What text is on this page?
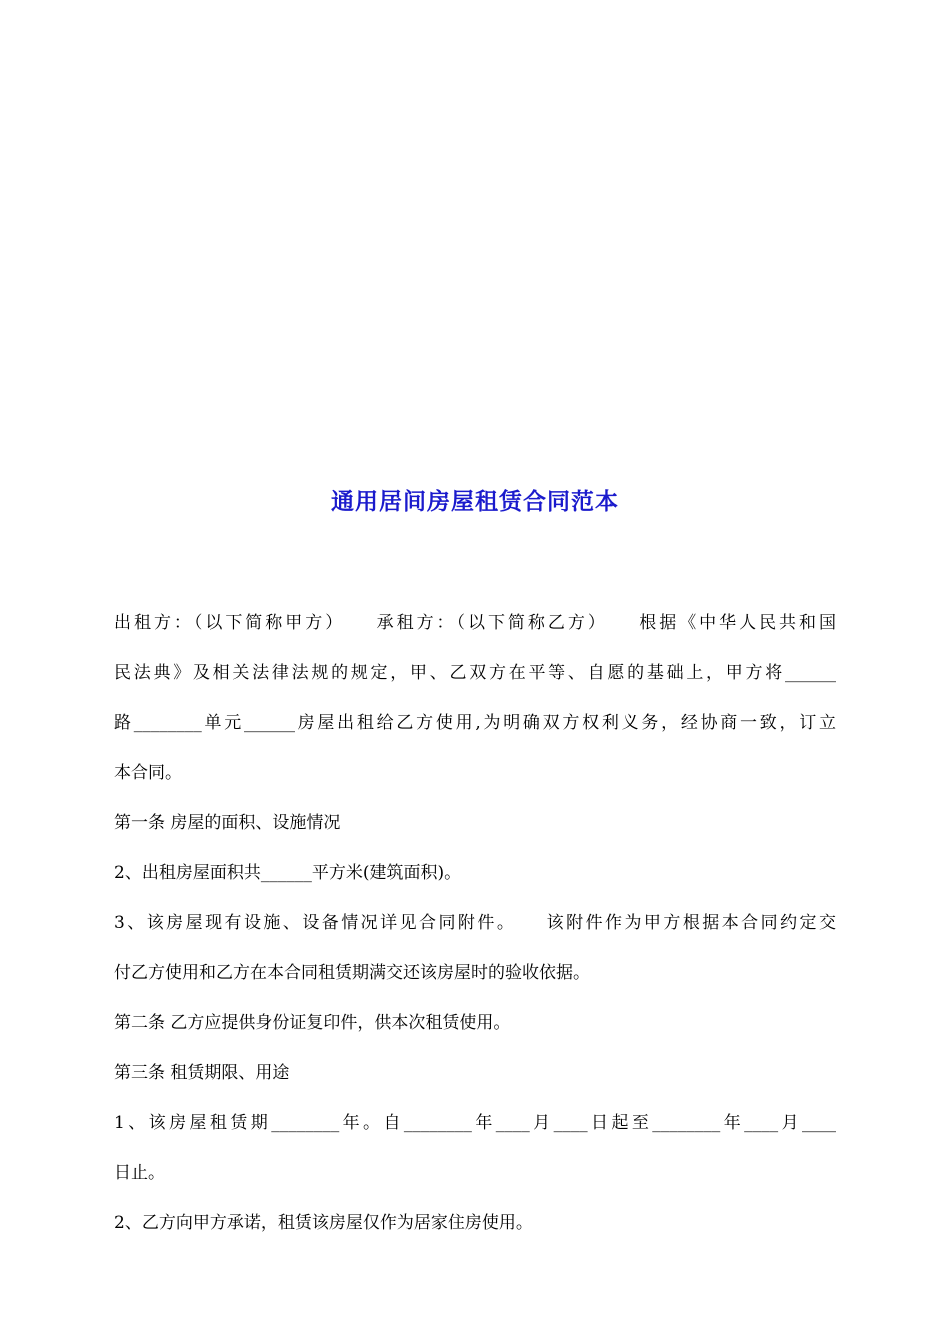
通用居间房屋租赁合同范本
出租方：（以下简称甲方）　　承租方：（以下简称乙方）　　根据《中华人民共和国
民法典》及相关法律法规的规定，甲、乙双方在平等、自愿的基础上，甲方将______
路________单元______房屋出租给乙方使用,为明确双方权利义务，经协商一致，订立
本合同。
第一条 房屋的面积、设施情况
2、出租房屋面积共______平方米(建筑面积)。
3、该房屋现有设施、设备情况详见合同附件。　　该附件作为甲方根据本合同约定交
付乙方使用和乙方在本合同租赁期满交还该房屋时的验收依据。
第二条 乙方应提供身份证复印件，供本次租赁使用。
第三条 租赁期限、用途
1、该房屋租赁期________年。自________年____月____日起至________年____月____
日止。
2、乙方向甲方承诺，租赁该房屋仅作为居家住房使用。
